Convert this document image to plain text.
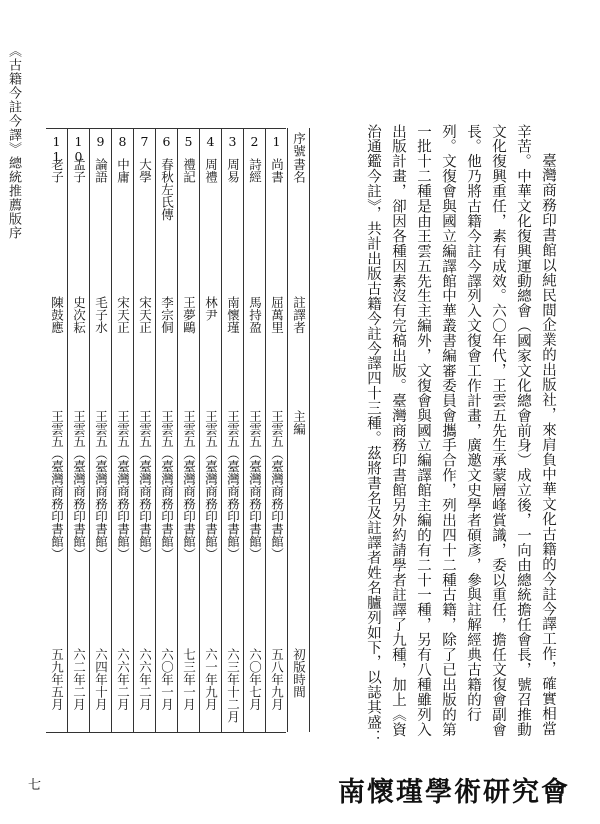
《古籍今註今譯》總統推薦版序

臺灣商務印書館以純民間企業的出版社，來肩負中華文化古籍的今註今譯工作，確實相當辛苦。中華文化復興運動總會（國家文化總會前身）成立後，一向由總統擔任會長，號召推動文化復興重任，素有成效。六〇年代，王雲五先生承蒙層峰賞識，委以重任，擔任文復會副會長。他乃將古籍今註今譯列入文復會工作計畫，廣邀文史學者碩彥，參與註解經典古籍的行列。文復會與國立編譯館中華叢書編審委員會攜手合作，列出四十二種古籍，除了已出版的第一批十二種是由王雲五先生主編外，文復會與國立編譯館主編的有二十一種，另有八種雖列入出版計畫，卻因各種因素沒有完稿出版。臺灣商務印書館另外約請學者註譯了九種，加上《資治通鑑今註》，共計出版古籍今註今譯四十三種。茲將書名及註譯者姓名臚列如下，以誌其盛：

11
老子
陳鼓應
王雲五（臺灣商務印書館）
五九年五月

10
孟子
史次耘
王雲五（臺灣商務印書館）
六二年二月

9
論語
毛子水
王雲五（臺灣商務印書館）
六四年十月

8
中庸
宋天正
王雲五（臺灣商務印書館）
六六年二月

7
大學
宋天正
王雲五（臺灣商務印書館）
六六年二月

6
春秋左氏傳
李宗侗
王雲五（臺灣商務印書館）
六〇年一月

5
禮記
王夢鷗
王雲五（臺灣商務印書館）
七三年一月

4
周禮
林尹
王雲五（臺灣商務印書館）
六一年九月

3
周易
南懷瑾
王雲五（臺灣商務印書館）
六三年十二月

2
詩經
馬持盈
王雲五（臺灣商務印書館）
六〇年七月

1
尚書
屈萬里
王雲五（臺灣商務印書館）
五八年九月

序號
書名
註譯者
主編
初版時間
七	南懷瑾學術研究會
